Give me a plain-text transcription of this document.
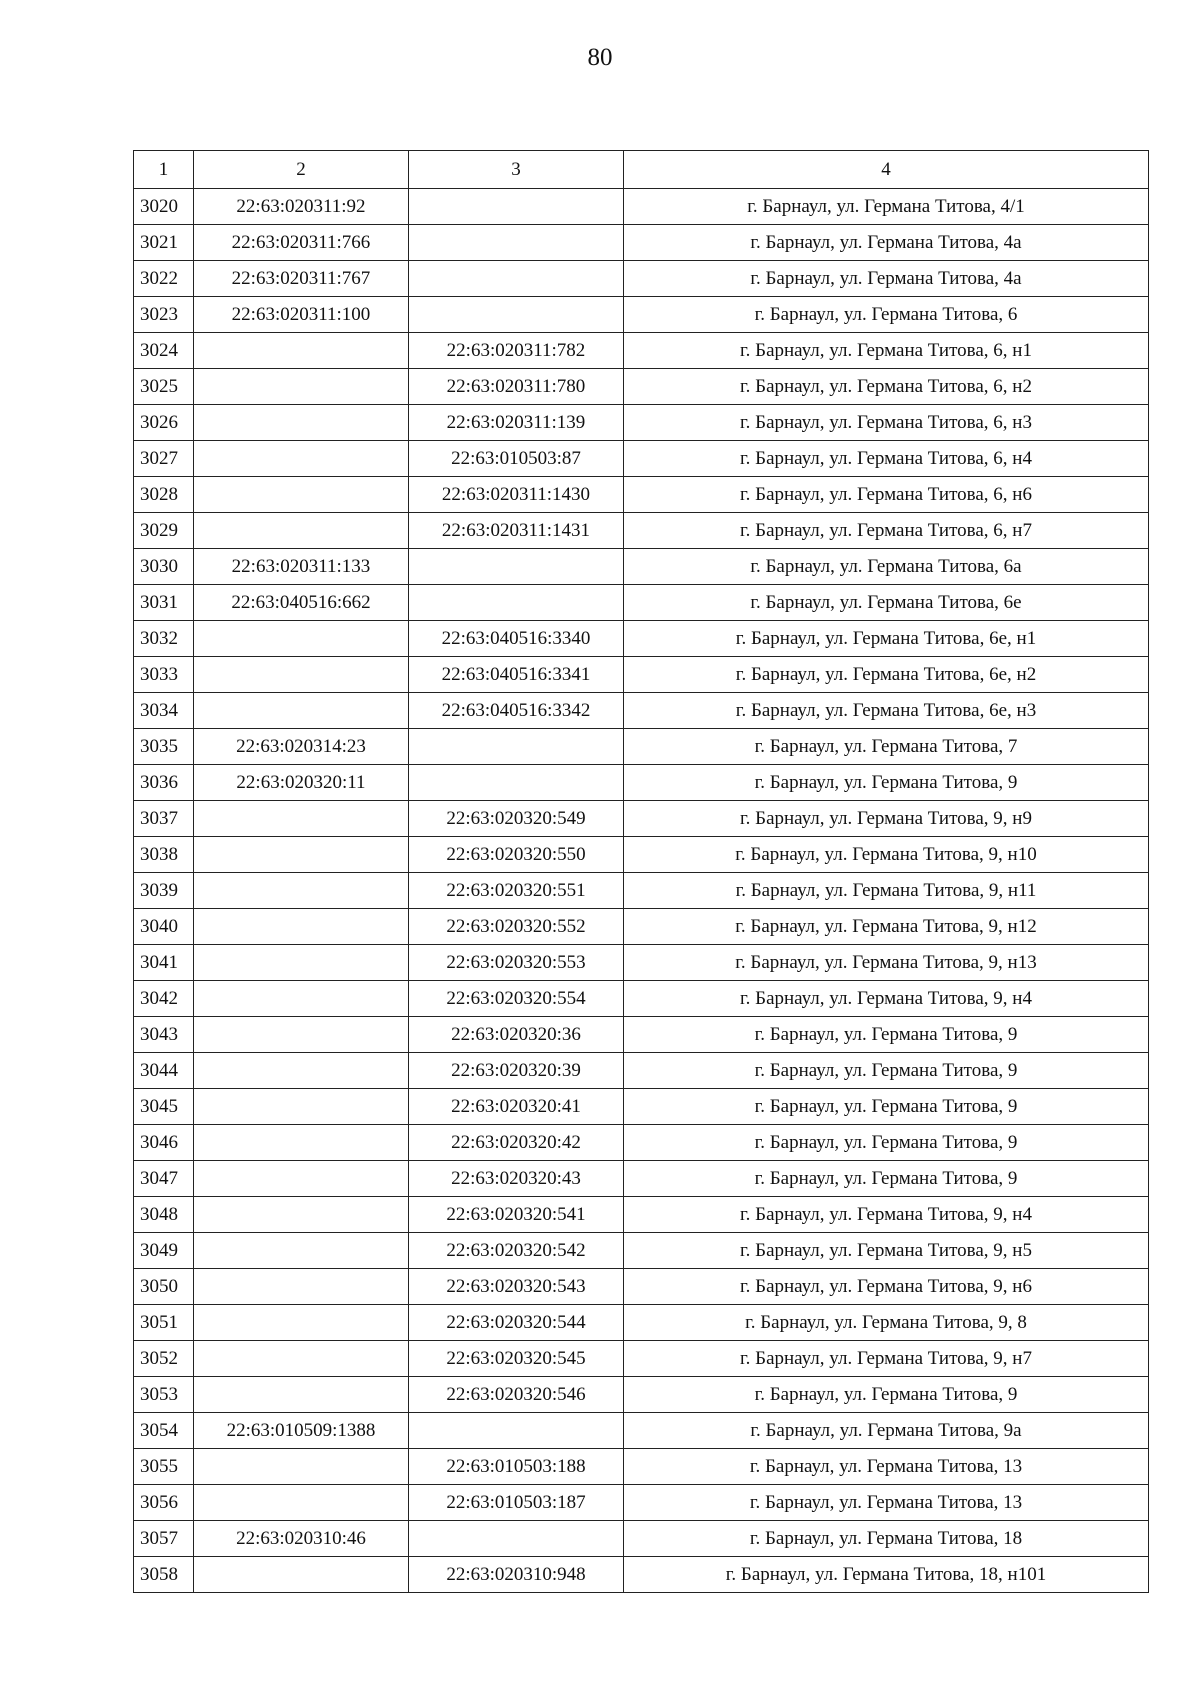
80
1	2	3	4
3020	22:63:020311:92		г. Барнаул, ул. Германа Титова, 4/1
3021	22:63:020311:766		г. Барнаул, ул. Германа Титова, 4а
3022	22:63:020311:767		г. Барнаул, ул. Германа Титова, 4а
3023	22:63:020311:100		г. Барнаул, ул. Германа Титова, 6
3024		22:63:020311:782	г. Барнаул, ул. Германа Титова, 6, н1
3025		22:63:020311:780	г. Барнаул, ул. Германа Титова, 6, н2
3026		22:63:020311:139	г. Барнаул, ул. Германа Титова, 6, н3
3027		22:63:010503:87	г. Барнаул, ул. Германа Титова, 6, н4
3028		22:63:020311:1430	г. Барнаул, ул. Германа Титова, 6, н6
3029		22:63:020311:1431	г. Барнаул, ул. Германа Титова, 6, н7
3030	22:63:020311:133		г. Барнаул, ул. Германа Титова, 6а
3031	22:63:040516:662		г. Барнаул, ул. Германа Титова, 6е
3032		22:63:040516:3340	г. Барнаул, ул. Германа Титова, 6е, н1
3033		22:63:040516:3341	г. Барнаул, ул. Германа Титова, 6е, н2
3034		22:63:040516:3342	г. Барнаул, ул. Германа Титова, 6е, н3
3035	22:63:020314:23		г. Барнаул, ул. Германа Титова, 7
3036	22:63:020320:11		г. Барнаул, ул. Германа Титова, 9
3037		22:63:020320:549	г. Барнаул, ул. Германа Титова, 9, н9
3038		22:63:020320:550	г. Барнаул, ул. Германа Титова, 9, н10
3039		22:63:020320:551	г. Барнаул, ул. Германа Титова, 9, н11
3040		22:63:020320:552	г. Барнаул, ул. Германа Титова, 9, н12
3041		22:63:020320:553	г. Барнаул, ул. Германа Титова, 9, н13
3042		22:63:020320:554	г. Барнаул, ул. Германа Титова, 9, н4
3043		22:63:020320:36	г. Барнаул, ул. Германа Титова, 9
3044		22:63:020320:39	г. Барнаул, ул. Германа Титова, 9
3045		22:63:020320:41	г. Барнаул, ул. Германа Титова, 9
3046		22:63:020320:42	г. Барнаул, ул. Германа Титова, 9
3047		22:63:020320:43	г. Барнаул, ул. Германа Титова, 9
3048		22:63:020320:541	г. Барнаул, ул. Германа Титова, 9, н4
3049		22:63:020320:542	г. Барнаул, ул. Германа Титова, 9, н5
3050		22:63:020320:543	г. Барнаул, ул. Германа Титова, 9, н6
3051		22:63:020320:544	г. Барнаул, ул. Германа Титова, 9, 8
3052		22:63:020320:545	г. Барнаул, ул. Германа Титова, 9, н7
3053		22:63:020320:546	г. Барнаул, ул. Германа Титова, 9
3054	22:63:010509:1388		г. Барнаул, ул. Германа Титова, 9а
3055		22:63:010503:188	г. Барнаул, ул. Германа Титова, 13
3056		22:63:010503:187	г. Барнаул, ул. Германа Титова, 13
3057	22:63:020310:46		г. Барнаул, ул. Германа Титова, 18
3058		22:63:020310:948	г. Барнаул, ул. Германа Титова, 18, н101
